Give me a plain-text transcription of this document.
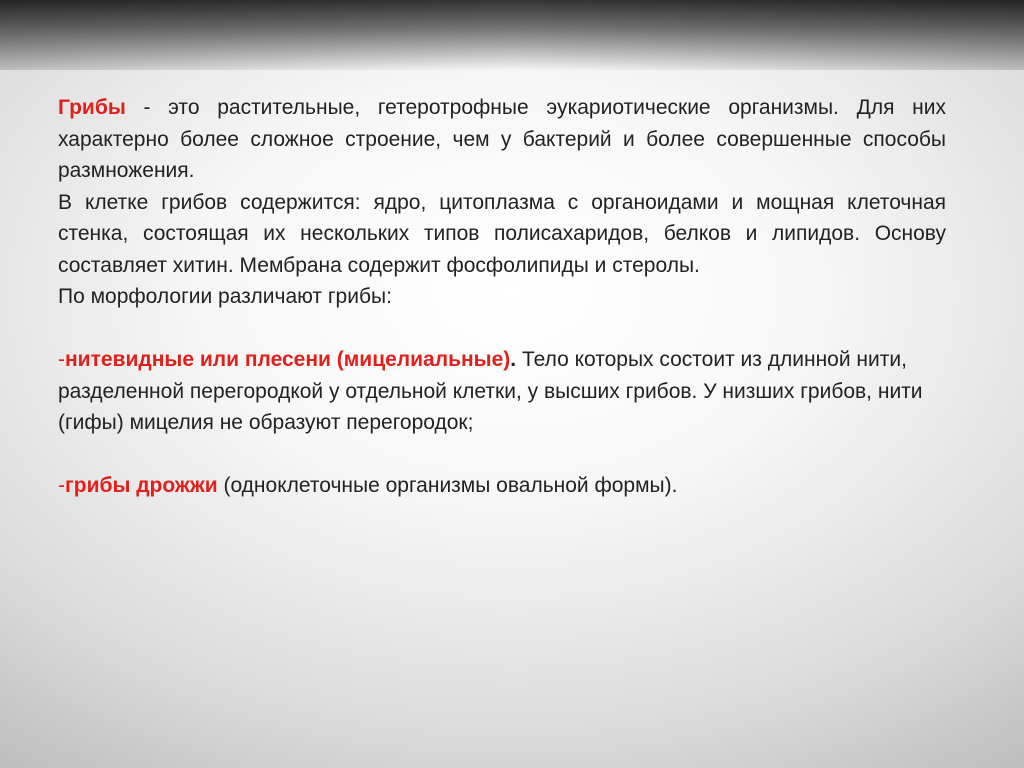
Грибы - это растительные, гетеротрофные эукариотические организмы. Для них характерно более сложное строение, чем у бактерий и более совершенные способы размножения.

В клетке грибов содержится: ядро, цитоплазма с органоидами и мощная клеточная стенка, состоящая их нескольких типов полисахаридов, белков и липидов. Основу составляет хитин. Мембрана содержит фосфолипиды и стеролы.

По морфологии различают грибы:

-нитевидные или плесени (мицелиальные). Тело которых состоит из длинной нити, разделенной перегородкой у отдельной клетки, у высших грибов. У низших грибов, нити (гифы) мицелия не образуют перегородок;

-грибы дрожжи (одноклеточные организмы овальной формы).
